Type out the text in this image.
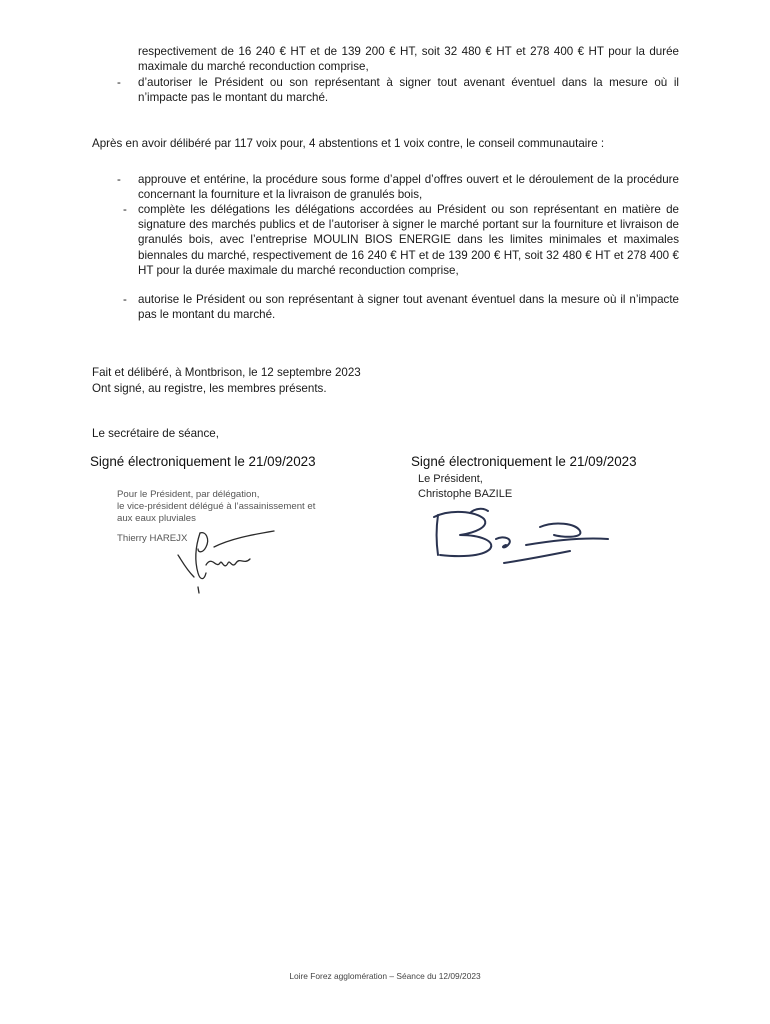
respectivement de 16 240 € HT et de 139 200 € HT, soit 32 480 € HT et 278 400 € HT pour la durée maximale du marché reconduction comprise,
- d’autoriser le Président ou son représentant à signer tout avenant éventuel dans la mesure où il n’impacte pas le montant du marché.
Après en avoir délibéré par 117 voix pour, 4 abstentions et 1 voix contre, le conseil communautaire :
- approuve et entérine, la procédure sous forme d’appel d’offres ouvert et le déroulement de la procédure concernant la fourniture et la livraison de granulés bois,
- complète les délégations les délégations accordées au Président ou son représentant en matière de signature des marchés publics et de l’autoriser à signer le marché portant sur la fourniture et livraison de granulés bois, avec l’entreprise MOULIN BIOS ENERGIE dans les limites minimales et maximales biennales du marché, respectivement de 16 240 € HT et de 139 200 € HT, soit 32 480 € HT et 278 400 € HT pour la durée maximale du marché reconduction comprise,
- autorise le Président ou son représentant à signer tout avenant éventuel dans la mesure où il n’impacte pas le montant du marché.
Fait et délibéré, à Montbrison, le 12 septembre 2023
Ont signé, au registre, les membres présents.
Le secrétaire de séance,
Signé électroniquement le 21/09/2023
Pour le Président, par délégation,
le vice-président délégué à l’assainissement et
aux eaux pluviales
Thierry HAREJX
Signé électroniquement le 21/09/2023
Le Président,
Christophe BAZILE
Loire Forez agglomération – Séance du 12/09/2023
